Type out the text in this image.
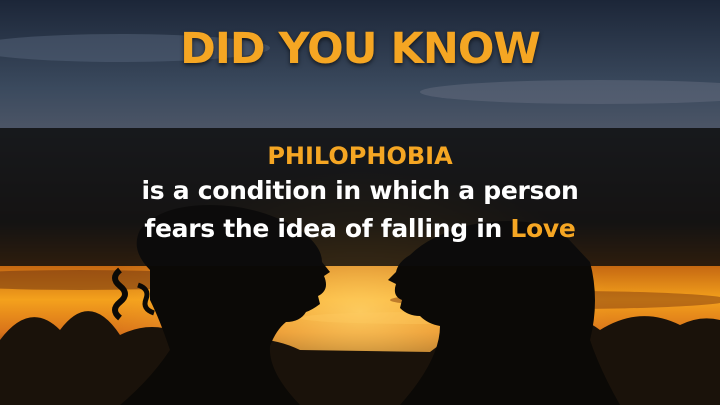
DID YOU KNOW
PHILOPHOBIA
is a condition in which a person
fears the idea of falling in Love
